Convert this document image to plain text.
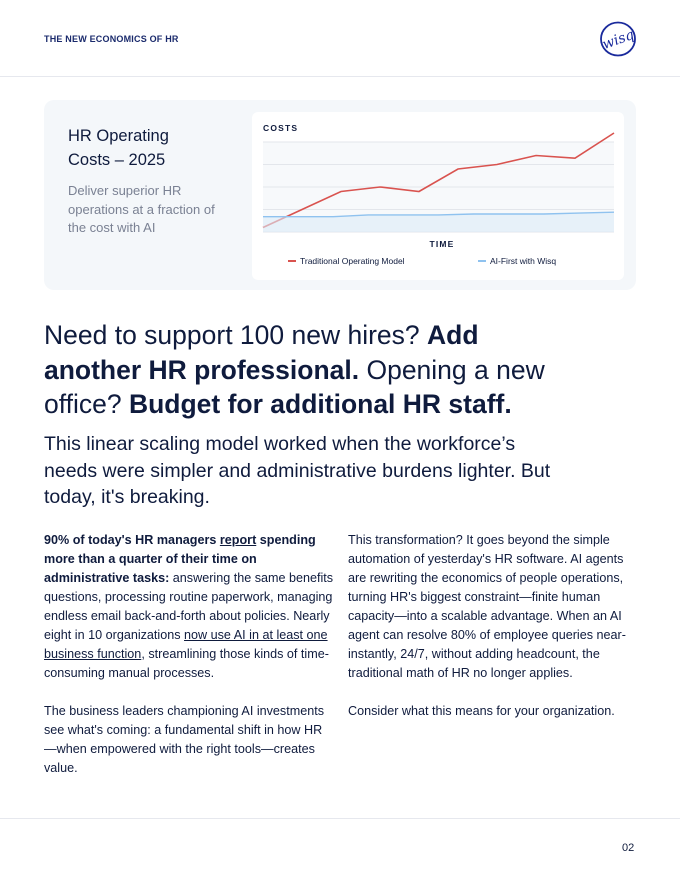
THE NEW ECONOMICS OF HR	wisq
HR Operating
Costs – 2025
Deliver superior HR operations at a fraction of the cost with AI
COSTS
TIME
Traditional Operating Model	AI-First with Wisq
Need to support 100 new hires? Add another HR professional. Opening a new office? Budget for additional HR staff.
This linear scaling model worked when the workforce’s needs were simpler and administrative burdens lighter. But today, it's breaking.

90% of today's HR managers report spending more than a quarter of their time on administrative tasks: answering the same benefits questions, processing routine paperwork, managing endless email back-and-forth about policies. Nearly eight in 10 organizations now use AI in at least one business function, streamlining those kinds of time-consuming manual processes.

The business leaders championing AI investments see what's coming: a fundamental shift in how HR—when empowered with the right tools—creates value.

This transformation? It goes beyond the simple automation of yesterday's HR software. AI agents are rewriting the economics of people operations, turning HR's biggest constraint—finite human capacity—into a scalable advantage. When an AI agent can resolve 80% of employee queries near-instantly, 24/7, without adding headcount, the traditional math of HR no longer applies.

Consider what this means for your organization.

02
